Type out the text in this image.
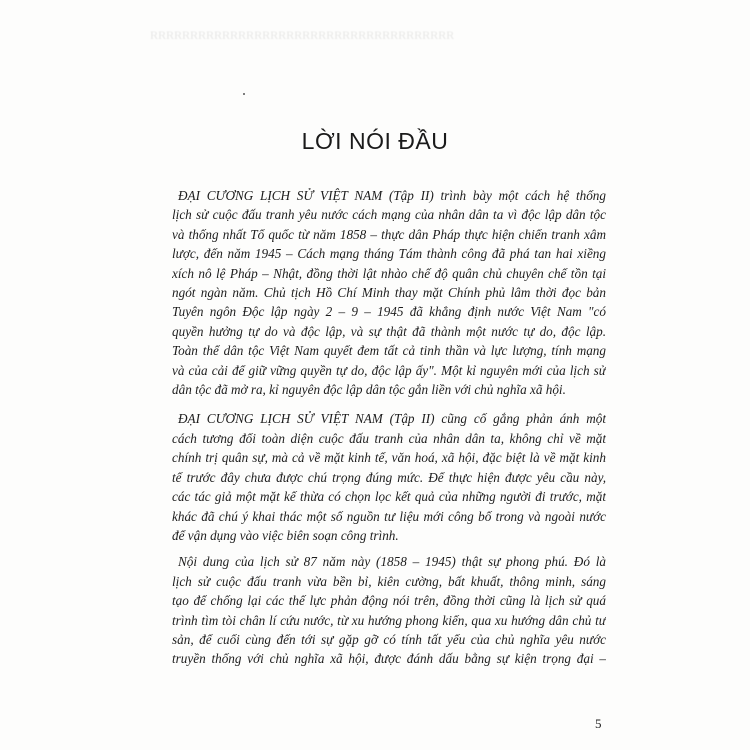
ЯЯЯЯЯЯЯЯЯЯЯЯЯЯЯЯЯЯЯЯЯЯЯЯЯЯЯЯЯЯЯЯЯЯЯЯЯЯ
LỜI NÓI ĐẦU
ĐẠI CƯƠNG LỊCH SỬ VIỆT NAM (Tập II) trình bày một cách hệ thống
lịch sử cuộc đấu tranh yêu nước cách mạng của nhân dân ta vì độc lập dân tộc
và thống nhất Tổ quốc từ năm 1858 – thực dân Pháp thực hiện chiến tranh xâm
lược, đến năm 1945 – Cách mạng tháng Tám thành công đã phá tan hai xiềng
xích nô lệ Pháp – Nhật, đồng thời lật nhào chế độ quân chủ chuyên chế tồn tại
ngót ngàn năm. Chủ tịch Hồ Chí Minh thay mặt Chính phủ lâm thời đọc bản
Tuyên ngôn Độc lập ngày 2 – 9 – 1945 đã khẳng định nước Việt Nam "có
quyền hưởng tự do và độc lập, và sự thật đã thành một nước tự do, độc lập.
Toàn thể dân tộc Việt Nam quyết đem tất cả tinh thần và lực lượng, tính mạng
và của cải để giữ vững quyền tự do, độc lập ấy". Một kỉ nguyên mới của lịch sử
dân tộc đã mở ra, kỉ nguyên độc lập dân tộc gắn liền với chủ nghĩa xã hội.
ĐẠI CƯƠNG LỊCH SỬ VIỆT NAM (Tập II) cũng cố gắng phản ánh một
cách tương đối toàn diện cuộc đấu tranh của nhân dân ta, không chỉ về mặt
chính trị quân sự, mà cả về mặt kinh tế, văn hoá, xã hội, đặc biệt là về mặt kinh
tế trước đây chưa được chú trọng đúng mức. Để thực hiện được yêu cầu này,
các tác giả một mặt kế thừa có chọn lọc kết quả của những người đi trước, mặt
khác đã chú ý khai thác một số nguồn tư liệu mới công bố trong và ngoài nước
để vận dụng vào việc biên soạn công trình.
Nội dung của lịch sử 87 năm này (1858 – 1945) thật sự phong phú. Đó là
lịch sử cuộc đấu tranh vừa bền bỉ, kiên cường, bất khuất, thông minh, sáng
tạo để chống lại các thế lực phản động nói trên, đồng thời cũng là lịch sử quá
trình tìm tòi chân lí cứu nước, từ xu hướng phong kiến, qua xu hướng dân chủ tư
sản, để cuối cùng đến tới sự gặp gỡ có tính tất yếu của chủ nghĩa yêu nước
truyền thống với chủ nghĩa xã hội, được đánh dấu bằng sự kiện trọng đại –
5
